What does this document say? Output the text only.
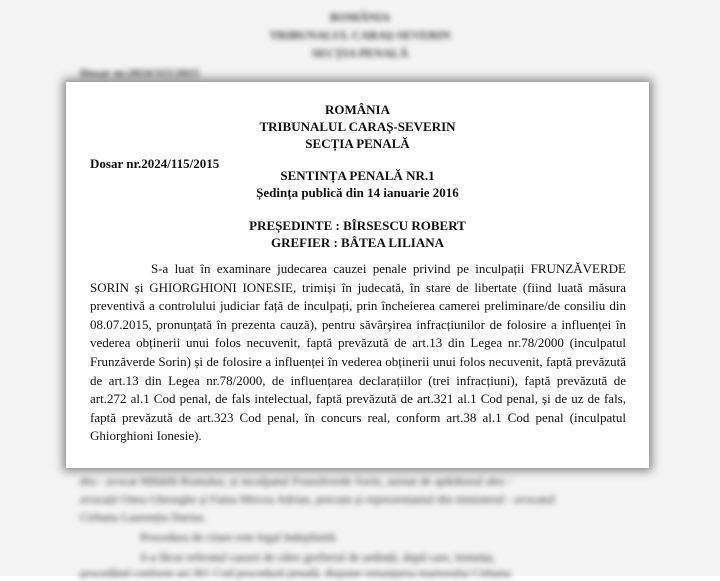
ROMÂNIA
TRIBUNALUL CARAȘ-SEVERIN
SECȚIA PENALĂ
Dosar nr.2024/115/2015
dru - avocat Mihăilă Romulus, și inculpatul Frunzăverde Sorin, asistat de apărătorul ales -
avocații Onea Gheorghe și Faina Mircea Adrian, precum și reprezentantul din ministerul - avocatul
Cirbanu Laurențiu Darius.
Procedura de citare este legal îndeplinită.
S-a făcut referatul cauzei de către grefierul de ședință, după care, instanța,
procedând conform art.361 Cod procedură penală, dispune renunțarea martorului Cirbanu
ROMÂNIA
TRIBUNALUL CARAȘ-SEVERIN
SECȚIA PENALĂ
Dosar nr.2024/115/2015
SENTINȚA PENALĂ NR.1
Ședința publică din 14 ianuarie 2016
PREȘEDINTE : BÎRSESCU ROBERT
GREFIER : BÂTEA LILIANA

S-a luat în examinare judecarea cauzei penale privind pe inculpații FRUNZĂVERDE SORIN și GHIORGHIONI IONESIE, trimiși în judecată, în stare de libertate (fiind luată măsura preventivă a controlului judiciar față de inculpați, prin încheierea camerei preliminare/de consiliu din 08.07.2015, pronunțată în prezenta cauză), pentru săvârșirea infracțiunilor de folosire a influenței în vederea obținerii unui folos necuvenit, faptă prevăzută de art.13 din Legea nr.78/2000 (inculpatul Frunzăverde Sorin) și de folosire a influenței în vederea obținerii unui folos necuvenit, faptă prevăzută de art.13 din Legea nr.78/2000, de influențarea declarațiilor (trei infracțiuni), faptă prevăzută de art.272 al.1 Cod penal, de fals intelectual, faptă prevăzută de art.321 al.1 Cod penal, și de uz de fals, faptă prevăzută de art.323 Cod penal, în concurs real, conform art.38 al.1 Cod penal (inculpatul Ghiorghioni Ionesie).
